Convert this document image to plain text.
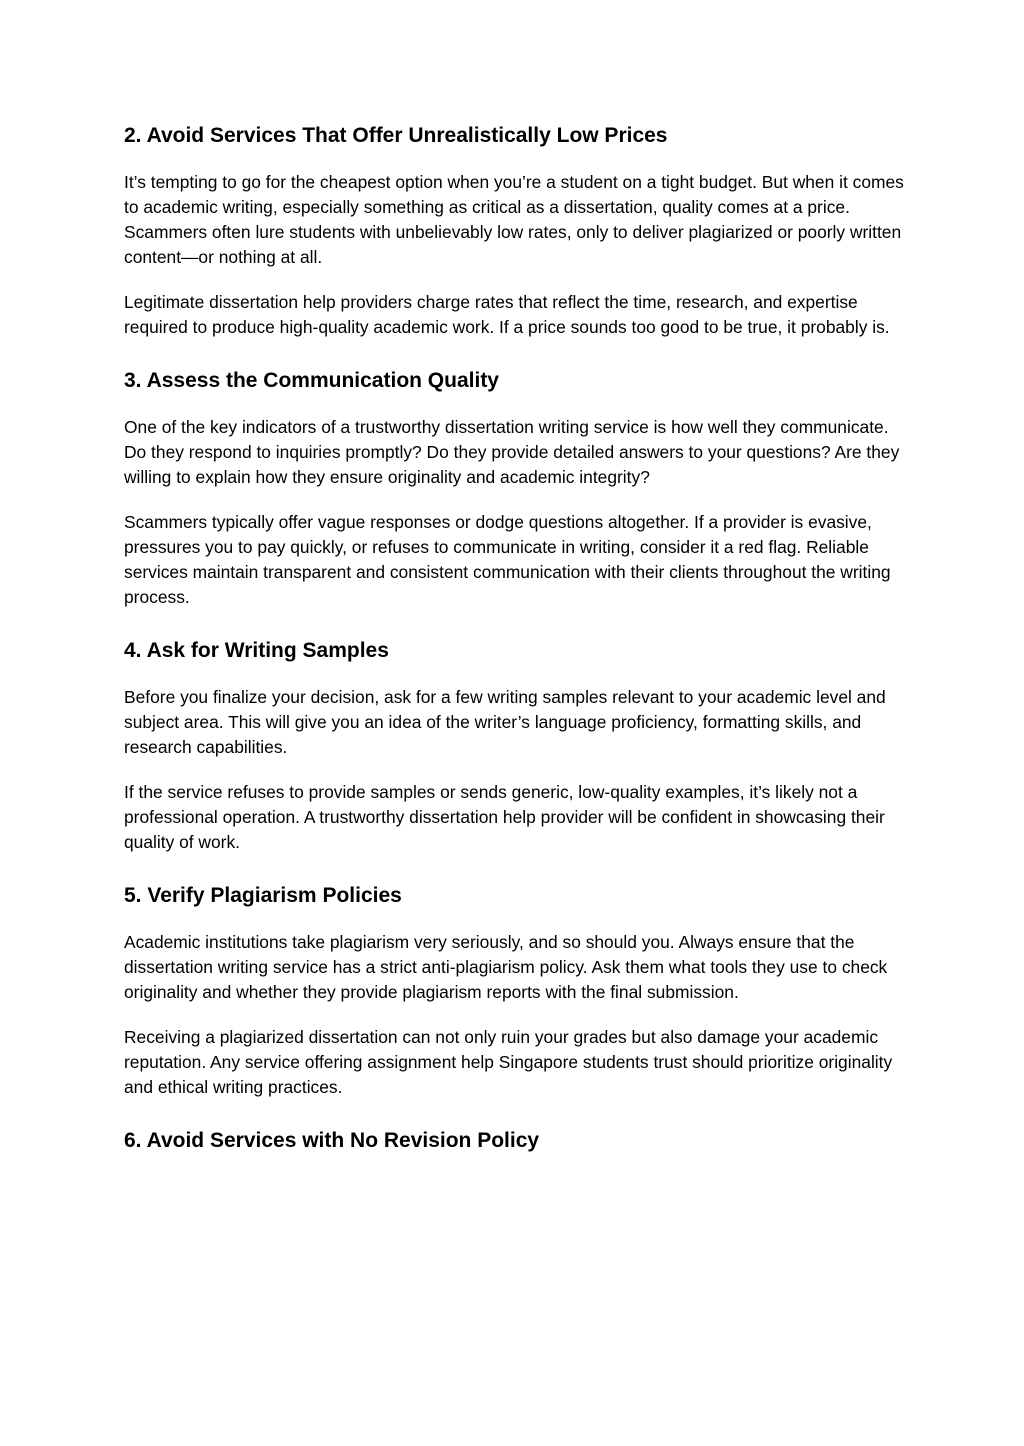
2. Avoid Services That Offer Unrealistically Low Prices

It’s tempting to go for the cheapest option when you’re a student on a tight budget. But when it comes to academic writing, especially something as critical as a dissertation, quality comes at a price. Scammers often lure students with unbelievably low rates, only to deliver plagiarized or poorly written content—or nothing at all.

Legitimate dissertation help providers charge rates that reflect the time, research, and expertise required to produce high-quality academic work. If a price sounds too good to be true, it probably is.

3. Assess the Communication Quality

One of the key indicators of a trustworthy dissertation writing service is how well they communicate. Do they respond to inquiries promptly? Do they provide detailed answers to your questions? Are they willing to explain how they ensure originality and academic integrity?

Scammers typically offer vague responses or dodge questions altogether. If a provider is evasive, pressures you to pay quickly, or refuses to communicate in writing, consider it a red flag. Reliable services maintain transparent and consistent communication with their clients throughout the writing process.

4. Ask for Writing Samples

Before you finalize your decision, ask for a few writing samples relevant to your academic level and subject area. This will give you an idea of the writer’s language proficiency, formatting skills, and research capabilities.

If the service refuses to provide samples or sends generic, low-quality examples, it’s likely not a professional operation. A trustworthy dissertation help provider will be confident in showcasing their quality of work.

5. Verify Plagiarism Policies

Academic institutions take plagiarism very seriously, and so should you. Always ensure that the dissertation writing service has a strict anti-plagiarism policy. Ask them what tools they use to check originality and whether they provide plagiarism reports with the final submission.

Receiving a plagiarized dissertation can not only ruin your grades but also damage your academic reputation. Any service offering assignment help Singapore students trust should prioritize originality and ethical writing practices.

6. Avoid Services with No Revision Policy
